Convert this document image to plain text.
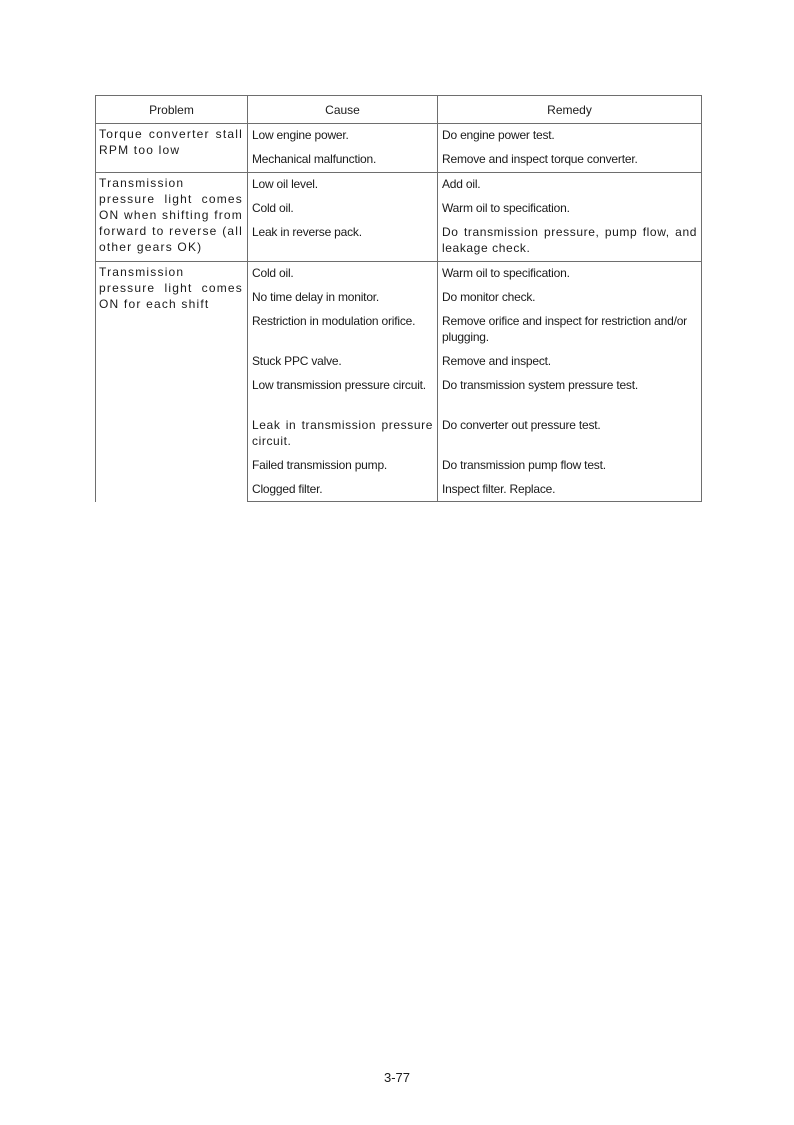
Problem	Cause	Remedy

Torque converter stall RPM too low	Low engine power.	Do engine power test.

	Mechanical malfunction.	Remove and inspect torque converter.

Transmission pressure light comes ON when shifting from forward to reverse (all other gears OK)	Low oil level.	Add oil.

	Cold oil.	Warm oil to specification.

	Leak in reverse pack.	Do transmission pressure, pump flow, and leakage check.

Transmission pressure light comes ON for each shift	Cold oil.	Warm oil to specification.

	No time delay in monitor.	Do monitor check.

	Restriction in modulation orifice.	Remove orifice and inspect for restriction and/or plugging.

	Stuck PPC valve.	Remove and inspect.

	Low transmission pressure circuit.	Do transmission system pressure test.

	Leak in transmission pressure circuit.	Do converter out pressure test.

	Failed transmission pump.	Do transmission pump flow test.

	Clogged filter.	Inspect filter. Replace.
3-77
